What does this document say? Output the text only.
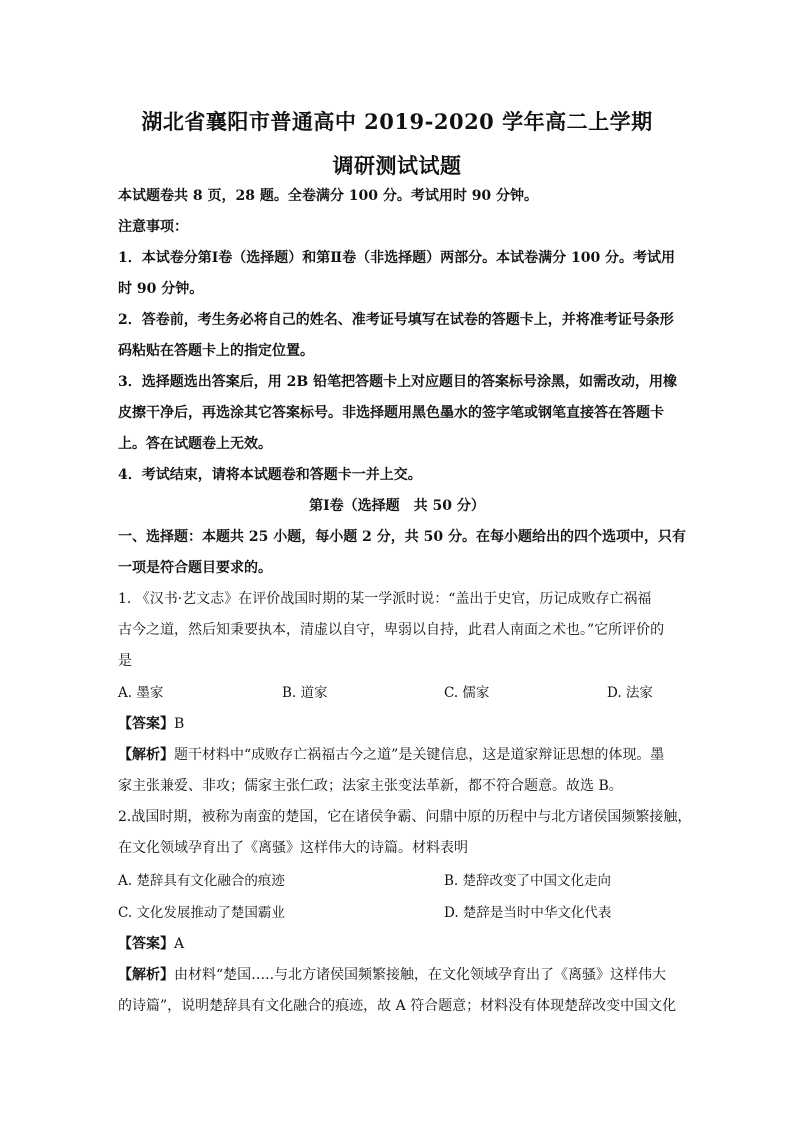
湖北省襄阳市普通高中 2019-2020 学年高二上学期
调研测试试题
本试题卷共 8 页，28 题。全卷满分 100 分。考试用时 90 分钟。
注意事项：
1．本试卷分第Ⅰ卷（选择题）和第Ⅱ卷（非选择题）两部分。本试卷满分 100 分。考试用
时 90 分钟。
2．答卷前，考生务必将自己的姓名、准考证号填写在试卷的答题卡上，并将准考证号条形
码粘贴在答题卡上的指定位置。
3．选择题选出答案后，用 2B 铅笔把答题卡上对应题目的答案标号涂黑，如需改动，用橡
皮擦干净后，再选涂其它答案标号。非选择题用黑色墨水的签字笔或钢笔直接答在答题卡
上。答在试题卷上无效。
4．考试结束，请将本试题卷和答题卡一并上交。
第Ⅰ卷（选择题　共 50 分）
一、选择题：本题共 25 小题，每小题 2 分，共 50 分。在每小题给出的四个选项中，只有
一项是符合题目要求的。
1. 《汉书·艺文志》在评价战国时期的某一学派时说：“盖出于史官，历记成败存亡祸福
古今之道，然后知秉要执本，清虚以自守，卑弱以自持，此君人南面之术也。”它所评价的
是
A. 墨家	B. 道家	C. 儒家	D. 法家
【答案】B
【解析】题干材料中“成败存亡祸福古今之道”是关键信息，这是道家辩证思想的体现。墨
家主张兼爱、非攻；儒家主张仁政；法家主张变法革新，都不符合题意。故选 B。
2.战国时期，被称为南蛮的楚国，它在诸侯争霸、问鼎中原的历程中与北方诸侯国频繁接触，
在文化领域孕育出了《离骚》这样伟大的诗篇。材料表明
A. 楚辞具有文化融合的痕迹	B. 楚辞改变了中国文化走向
C. 文化发展推动了楚国霸业	D. 楚辞是当时中华文化代表
【答案】A
【解析】由材料“楚国…..与北方诸侯国频繁接触，在文化领域孕育出了《离骚》这样伟大
的诗篇”，说明楚辞具有文化融合的痕迹，故 A 符合题意；材料没有体现楚辞改变中国文化
